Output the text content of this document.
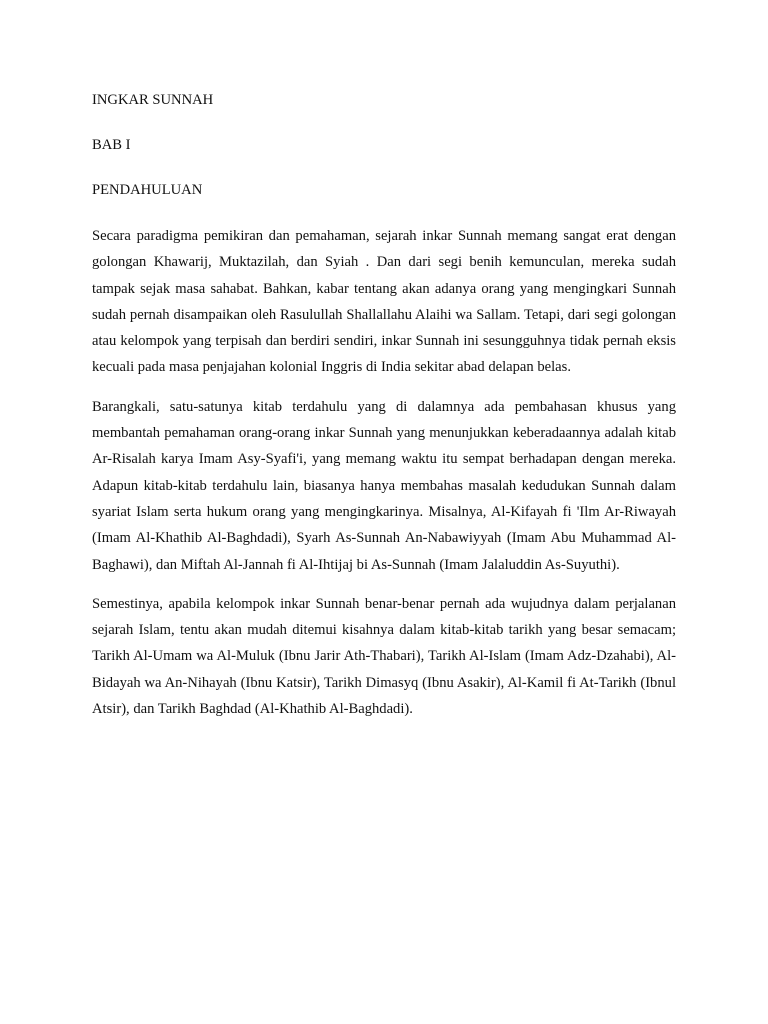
INGKAR SUNNAH

BAB I

PENDAHULUAN

Secara paradigma pemikiran dan pemahaman, sejarah inkar Sunnah memang sangat erat dengan golongan Khawarij, Muktazilah, dan Syiah . Dan dari segi benih kemunculan, mereka sudah tampak sejak masa sahabat. Bahkan, kabar tentang akan adanya orang yang mengingkari Sunnah sudah pernah disampaikan oleh Rasulullah Shallallahu Alaihi wa Sallam. Tetapi, dari segi golongan atau kelompok yang terpisah dan berdiri sendiri, inkar Sunnah ini sesungguhnya tidak pernah eksis kecuali pada masa penjajahan kolonial Inggris di India sekitar abad delapan belas.

Barangkali, satu-satunya kitab terdahulu yang di dalamnya ada pembahasan khusus yang membantah pemahaman orang-orang inkar Sunnah yang menunjukkan keberadaannya adalah kitab Ar-Risalah karya Imam Asy-Syafi'i, yang memang waktu itu sempat berhadapan dengan mereka. Adapun kitab-kitab terdahulu lain, biasanya hanya membahas masalah kedudukan Sunnah dalam syariat Islam serta hukum orang yang mengingkarinya. Misalnya, Al-Kifayah fi 'Ilm Ar-Riwayah (Imam Al-Khathib Al-Baghdadi), Syarh As-Sunnah An-Nabawiyyah (Imam Abu Muhammad Al-Baghawi), dan Miftah Al-Jannah fi Al-Ihtijaj bi As-Sunnah (Imam Jalaluddin As-Suyuthi).

Semestinya, apabila kelompok inkar Sunnah benar-benar pernah ada wujudnya dalam perjalanan sejarah Islam, tentu akan mudah ditemui kisahnya dalam kitab-kitab tarikh yang besar semacam; Tarikh Al-Umam wa Al-Muluk (Ibnu Jarir Ath-Thabari), Tarikh Al-Islam (Imam Adz-Dzahabi), Al-Bidayah wa An-Nihayah (Ibnu Katsir), Tarikh Dimasyq (Ibnu Asakir), Al-Kamil fi At-Tarikh (Ibnul Atsir), dan Tarikh Baghdad (Al-Khathib Al-Baghdadi).
